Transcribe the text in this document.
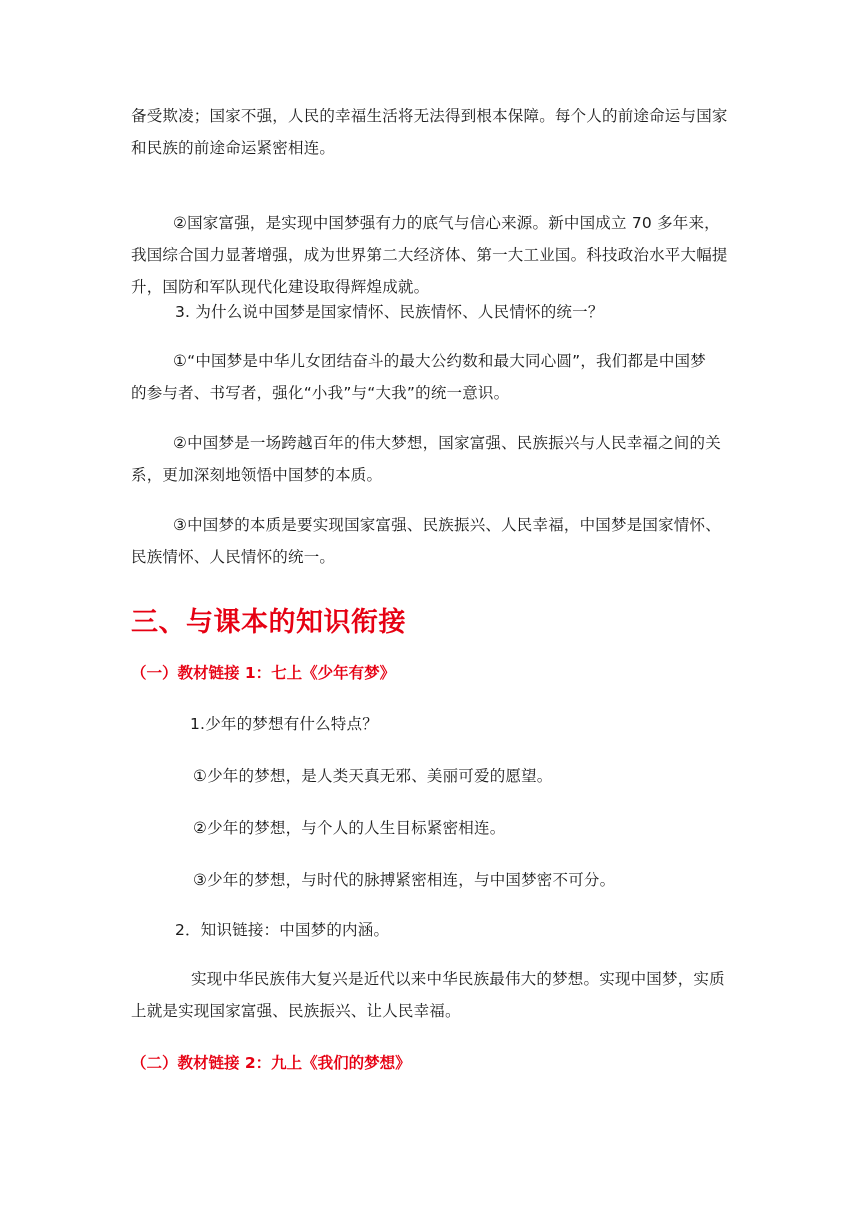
备受欺凌；国家不强，人民的幸福生活将无法得到根本保障。每个人的前途命运与国家
和民族的前途命运紧密相连。
②国家富强，是实现中国梦强有力的底气与信心来源。新中国成立 70 多年来，
我国综合国力显著增强，成为世界第二大经济体、第一大工业国。科技政治水平大幅提
升，国防和军队现代化建设取得辉煌成就。
3. 为什么说中国梦是国家情怀、民族情怀、人民情怀的统一？
①“中国梦是中华儿女团结奋斗的最大公约数和最大同心圆”，我们都是中国梦
的参与者、书写者，强化“小我”与“大我”的统一意识。
②中国梦是一场跨越百年的伟大梦想，国家富强、民族振兴与人民幸福之间的关
系，更加深刻地领悟中国梦的本质。
③中国梦的本质是要实现国家富强、民族振兴、人民幸福，中国梦是国家情怀、
民族情怀、人民情怀的统一。
三、与课本的知识衔接
（一）教材链接 1：七上《少年有梦》
1.少年的梦想有什么特点？
①少年的梦想，是人类天真无邪、美丽可爱的愿望。
②少年的梦想，与个人的人生目标紧密相连。
③少年的梦想，与时代的脉搏紧密相连，与中国梦密不可分。
2．知识链接：中国梦的内涵。
实现中华民族伟大复兴是近代以来中华民族最伟大的梦想。实现中国梦，实质
上就是实现国家富强、民族振兴、让人民幸福。
（二）教材链接 2：九上《我们的梦想》
